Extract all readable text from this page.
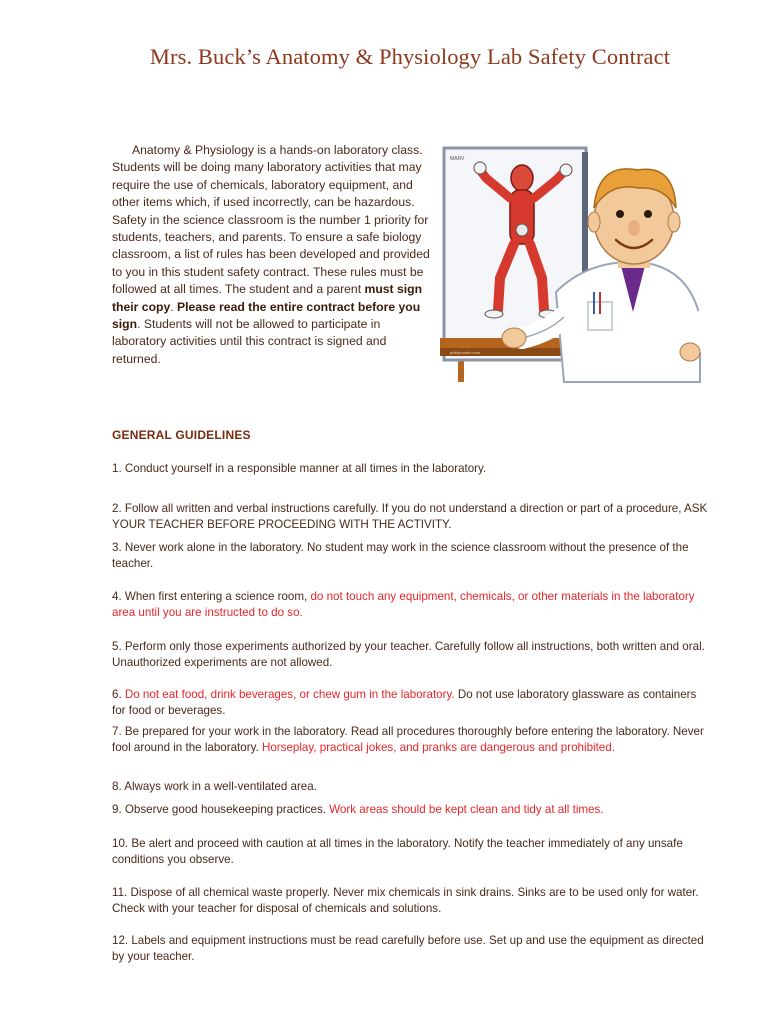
Mrs. Buck’s Anatomy & Physiology Lab Safety Contract
Anatomy & Physiology is a hands-on laboratory class. Students will be doing many laboratory activities that may require the use of chemicals, laboratory equipment, and other items which, if used incorrectly, can be hazardous. Safety in the science classroom is the number 1 priority for students, teachers, and parents. To ensure a safe biology classroom, a list of rules has been developed and provided to you in this student safety contract. These rules must be followed at all times. The student and a parent must sign their copy. Please read the entire contract before you sign. Students will not be allowed to participate in laboratory activities until this contract is signed and returned.
MARV
phillipmartin.com
GENERAL GUIDELINES
1. Conduct yourself in a responsible manner at all times in the laboratory.
2. Follow all written and verbal instructions carefully. If you do not understand a direction or part of a procedure, ASK YOUR TEACHER BEFORE PROCEEDING WITH THE ACTIVITY.
3. Never work alone in the laboratory. No student may work in the science classroom without the presence of the teacher.
4. When first entering a science room, do not touch any equipment, chemicals, or other materials in the laboratory area until you are instructed to do so.
5. Perform only those experiments authorized by your teacher. Carefully follow all instructions, both written and oral. Unauthorized experiments are not allowed.
6. Do not eat food, drink beverages, or chew gum in the laboratory. Do not use laboratory glassware as containers for food or beverages.
7. Be prepared for your work in the laboratory. Read all procedures thoroughly before entering the laboratory. Never fool around in the laboratory. Horseplay, practical jokes, and pranks are dangerous and prohibited.
8. Always work in a well-ventilated area.
9. Observe good housekeeping practices. Work areas should be kept clean and tidy at all times.
10. Be alert and proceed with caution at all times in the laboratory. Notify the teacher immediately of any unsafe conditions you observe.
11. Dispose of all chemical waste properly. Never mix chemicals in sink drains. Sinks are to be used only for water. Check with your teacher for disposal of chemicals and solutions.
12. Labels and equipment instructions must be read carefully before use. Set up and use the equipment as directed by your teacher.
